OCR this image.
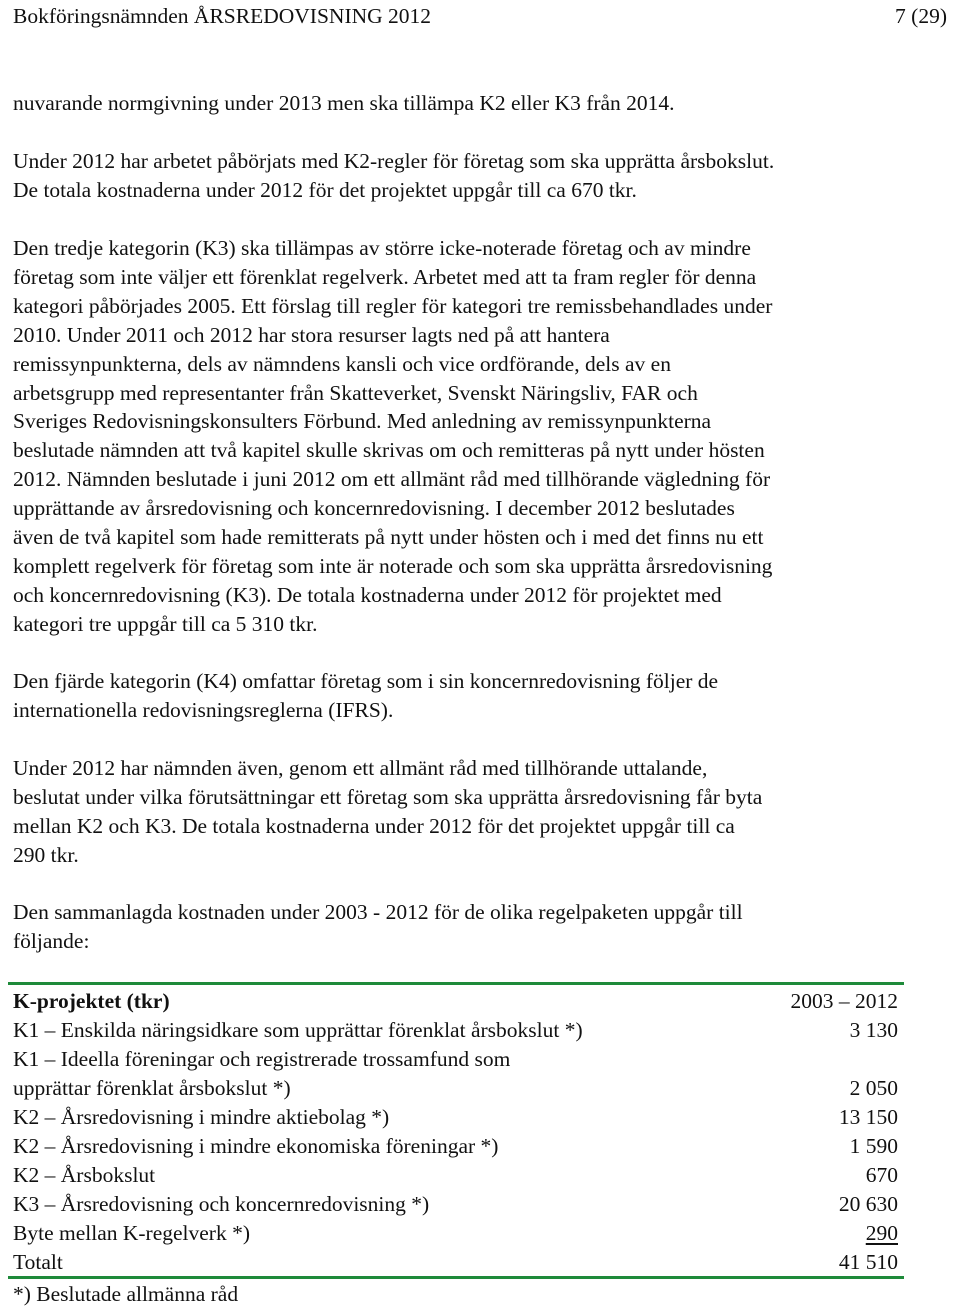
Bokföringsnämnden ÅRSREDOVISNING 2012	7 (29)

nuvarande normgivning under 2013 men ska tillämpa K2 eller K3 från 2014.

Under 2012 har arbetet påbörjats med K2-regler för företag som ska upprätta årsbokslut.
De totala kostnaderna under 2012 för det projektet uppgår till ca 670 tkr.

Den tredje kategorin (K3) ska tillämpas av större icke-noterade företag och av mindre
företag som inte väljer ett förenklat regelverk. Arbetet med att ta fram regler för denna
kategori påbörjades 2005. Ett förslag till regler för kategori tre remissbehandlades under
2010. Under 2011 och 2012 har stora resurser lagts ned på att hantera
remissynpunkterna, dels av nämndens kansli och vice ordförande, dels av en
arbetsgrupp med representanter från Skatteverket, Svenskt Näringsliv, FAR och
Sveriges Redovisningskonsulters Förbund. Med anledning av remissynpunkterna
beslutade nämnden att två kapitel skulle skrivas om och remitteras på nytt under hösten
2012. Nämnden beslutade i juni 2012 om ett allmänt råd med tillhörande vägledning för
upprättande av årsredovisning och koncernredovisning. I december 2012 beslutades
även de två kapitel som hade remitterats på nytt under hösten och i med det finns nu ett
komplett regelverk för företag som inte är noterade och som ska upprätta årsredovisning
och koncernredovisning (K3). De totala kostnaderna under 2012 för projektet med
kategori tre uppgår till ca 5 310 tkr.

Den fjärde kategorin (K4) omfattar företag som i sin koncernredovisning följer de
internationella redovisningsreglerna (IFRS).

Under 2012 har nämnden även, genom ett allmänt råd med tillhörande uttalande,
beslutat under vilka förutsättningar ett företag som ska upprätta årsredovisning får byta
mellan K2 och K3. De totala kostnaderna under 2012 för det projektet uppgår till ca
290 tkr.

Den sammanlagda kostnaden under 2003 - 2012 för de olika regelpaketen uppgår till
följande:

K-projektet (tkr)	2003 – 2012
K1 – Enskilda näringsidkare som upprättar förenklat årsbokslut *)	3 130
K1 – Ideella föreningar och registrerade trossamfund som
upprättar förenklat årsbokslut *)	2 050
K2 – Årsredovisning i mindre aktiebolag *)	13 150
K2 – Årsredovisning i mindre ekonomiska föreningar *)	1 590
K2 – Årsbokslut	670
K3 – Årsredovisning och koncernredovisning *)	20 630
Byte mellan K-regelverk *)	290
Totalt	41 510
*) Beslutade allmänna råd
